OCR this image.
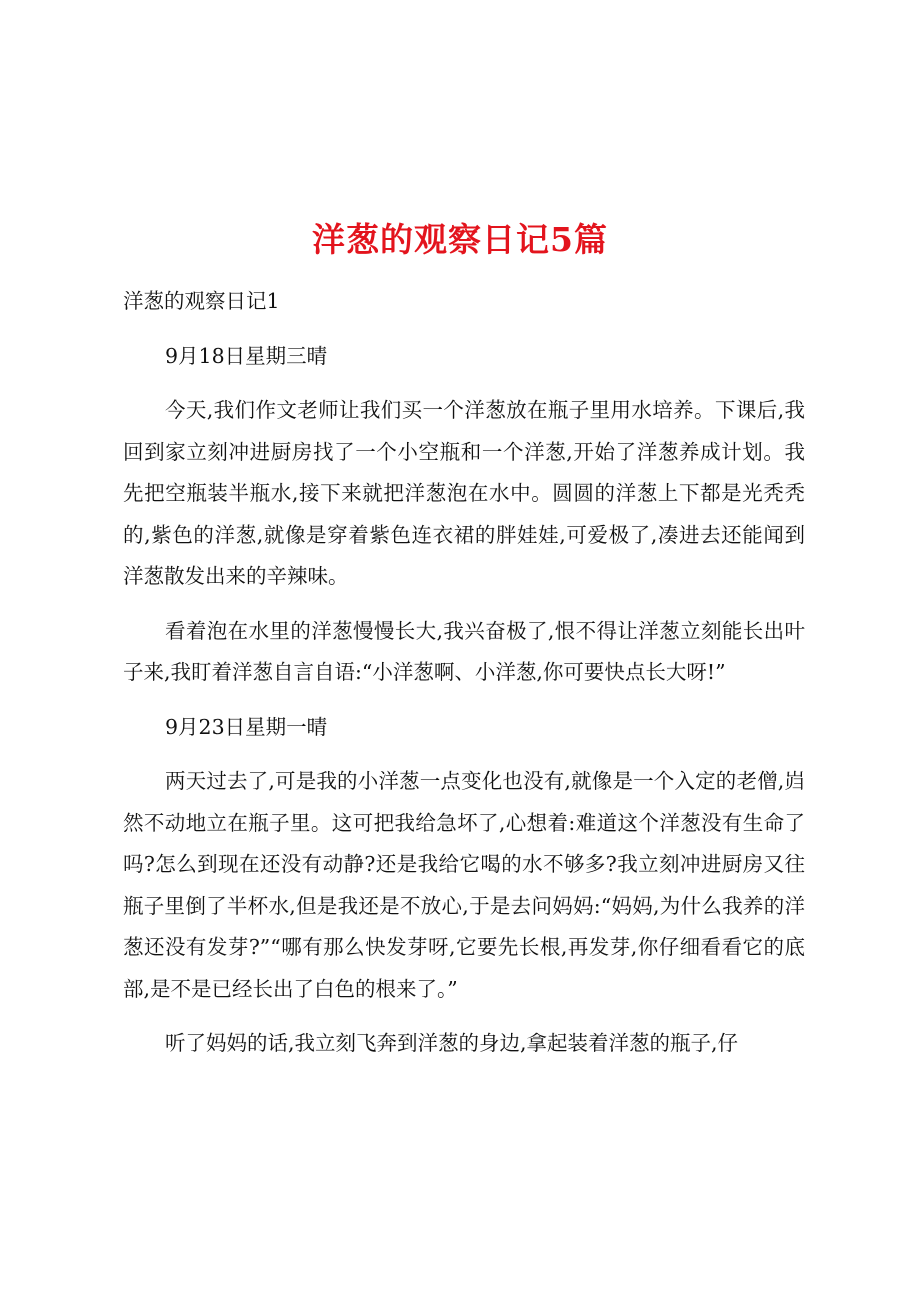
洋葱的观察日记5篇

洋葱的观察日记1

9月18日星期三晴

今天,我们作文老师让我们买一个洋葱放在瓶子里用水培养。下课后,我回到家立刻冲进厨房找了一个小空瓶和一个洋葱,开始了洋葱养成计划。我先把空瓶装半瓶水,接下来就把洋葱泡在水中。圆圆的洋葱上下都是光秃秃的,紫色的洋葱,就像是穿着紫色连衣裙的胖娃娃,可爱极了,凑进去还能闻到洋葱散发出来的辛辣味。

看着泡在水里的洋葱慢慢长大,我兴奋极了,恨不得让洋葱立刻能长出叶子来,我盯着洋葱自言自语:“小洋葱啊、小洋葱,你可要快点长大呀!”

9月23日星期一晴

两天过去了,可是我的小洋葱一点变化也没有,就像是一个入定的老僧,岿然不动地立在瓶子里。这可把我给急坏了,心想着:难道这个洋葱没有生命了吗?怎么到现在还没有动静?还是我给它喝的水不够多?我立刻冲进厨房又往瓶子里倒了半杯水,但是我还是不放心,于是去问妈妈:“妈妈,为什么我养的洋葱还没有发芽?”“哪有那么快发芽呀,它要先长根,再发芽,你仔细看看它的底部,是不是已经长出了白色的根来了。”

听了妈妈的话,我立刻飞奔到洋葱的身边,拿起装着洋葱的瓶子,仔
